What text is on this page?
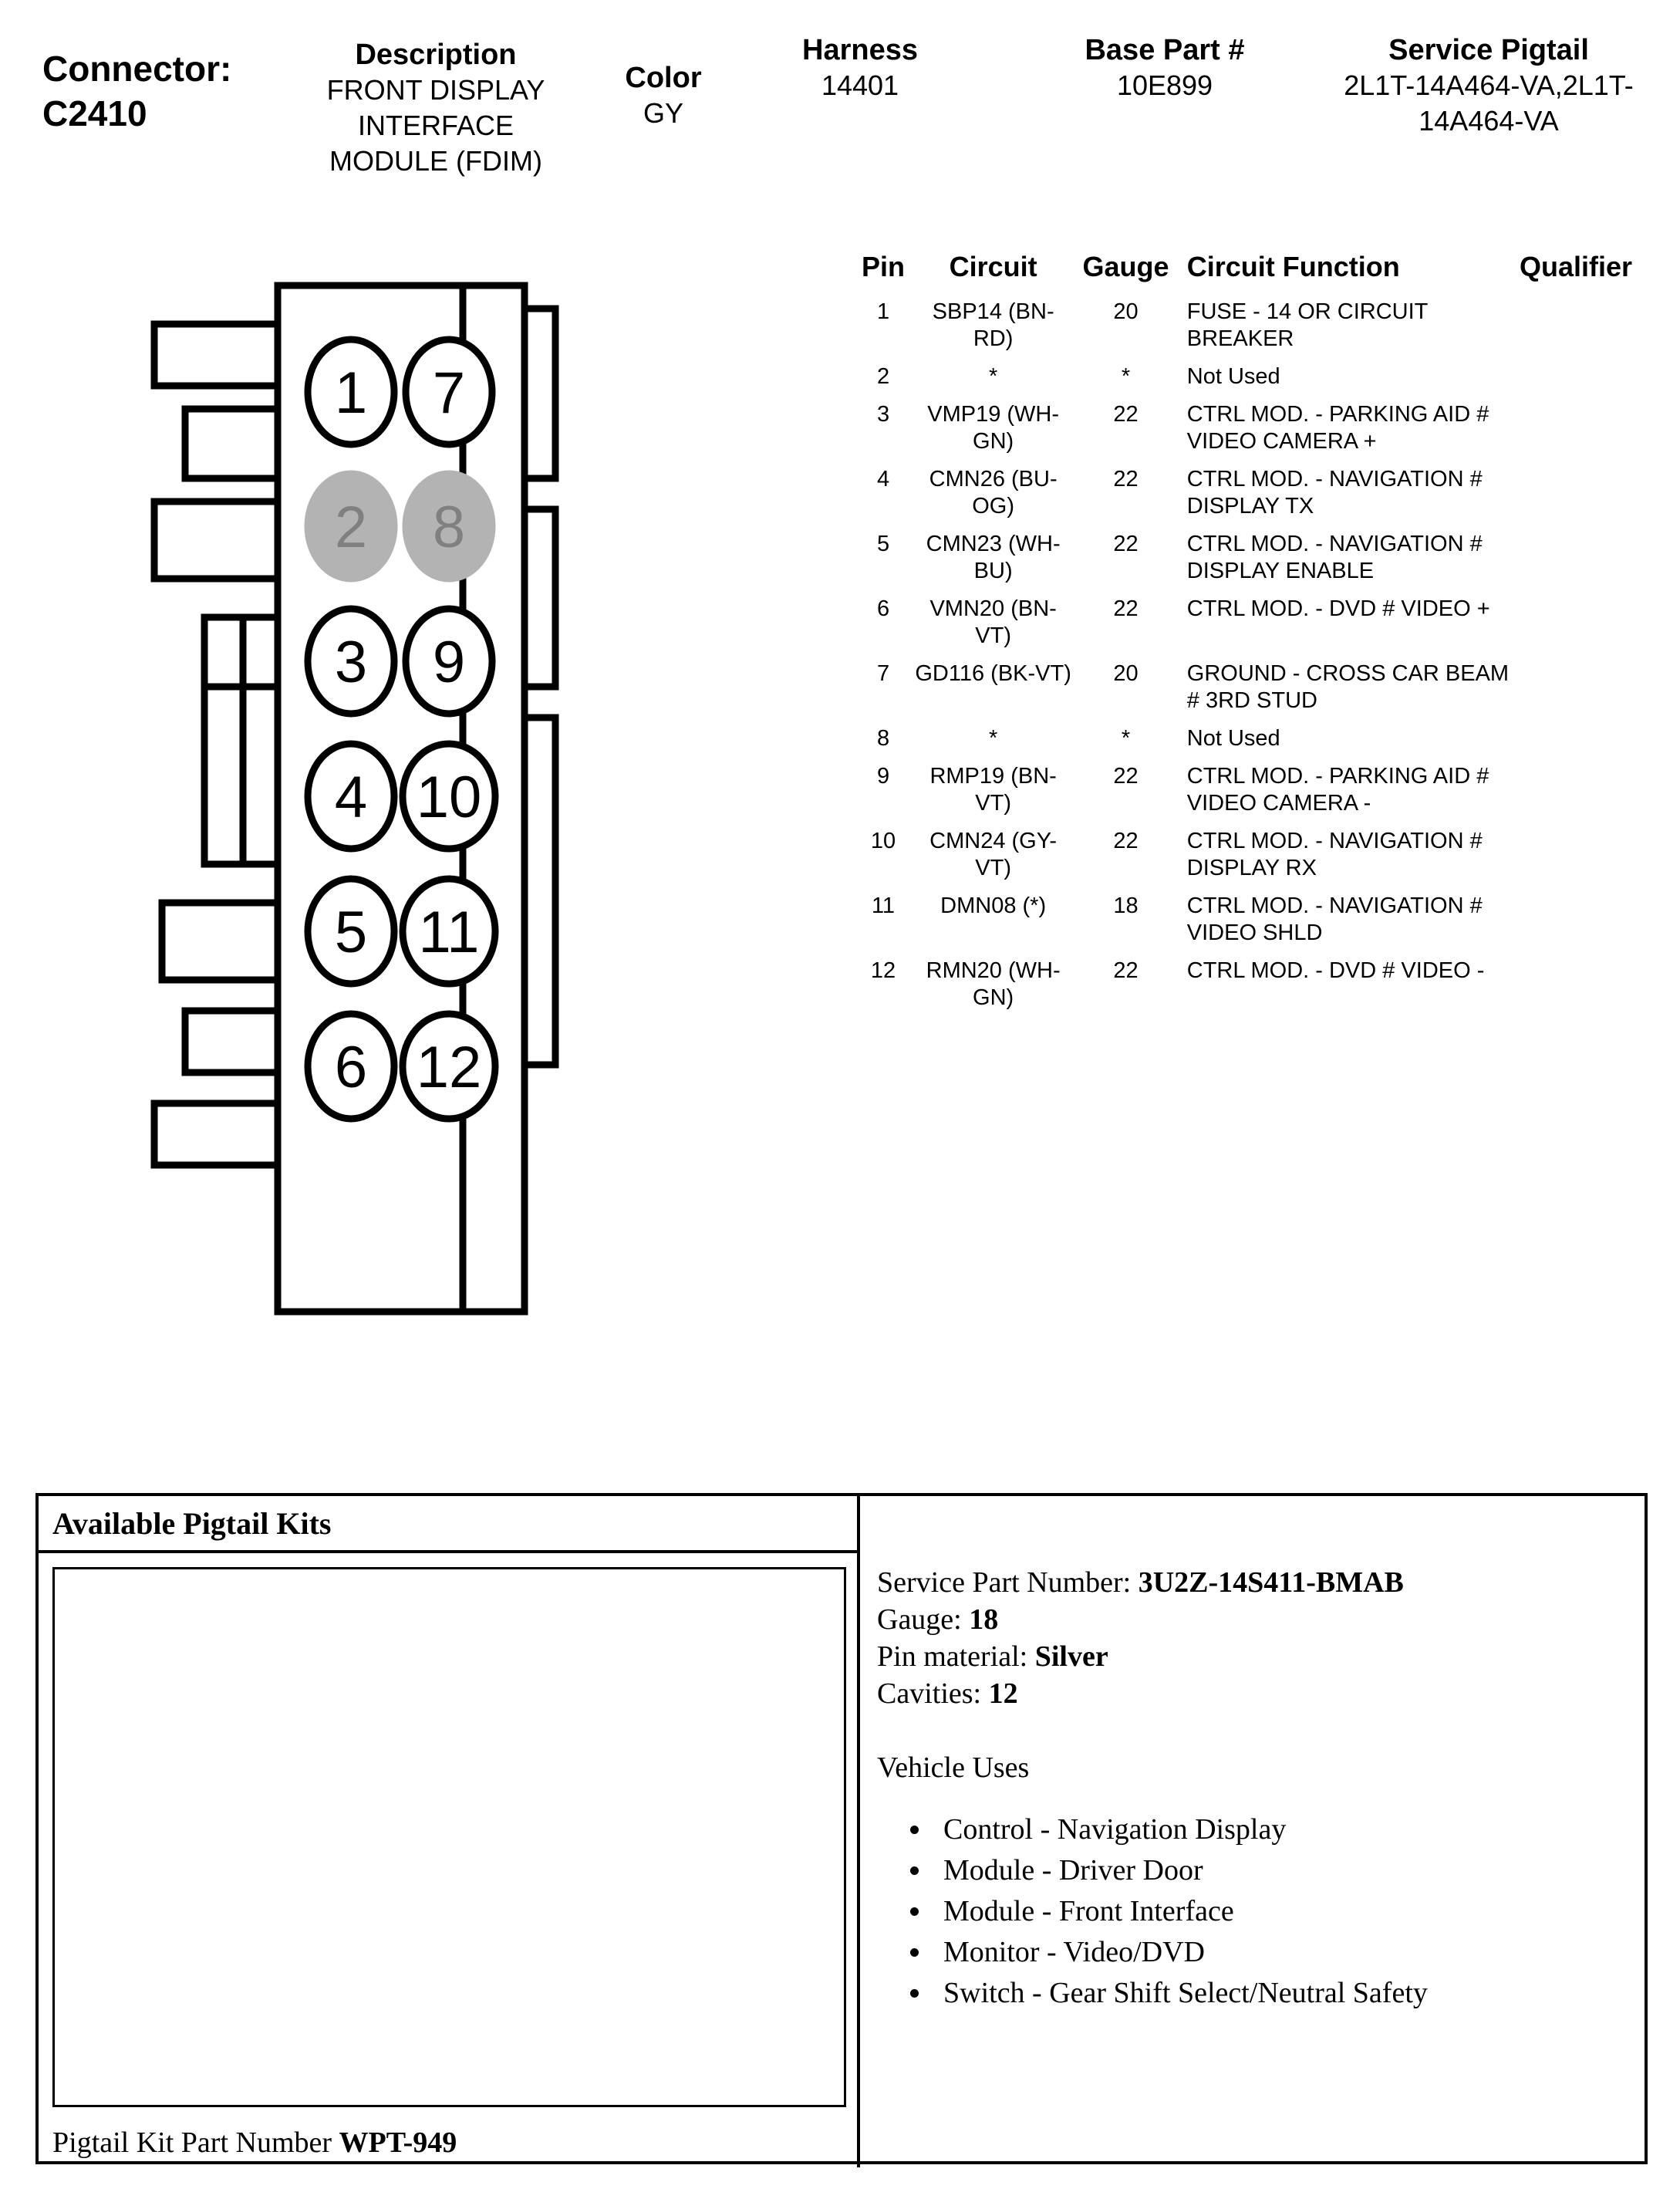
Connector:
C2410
Description
FRONT DISPLAY INTERFACE MODULE (FDIM)
Color
GY
Harness
14401
Base Part #
10E899
Service Pigtail
2L1T-14A464-VA,2L1T-14A464-VA
1 7
2 8
3 9
4 10
5 11
6 12
Pin	Circuit	Gauge	Circuit Function	Qualifier
1	SBP14 (BN-RD)	20	FUSE - 14 OR CIRCUIT BREAKER	
2	*	*	Not Used	
3	VMP19 (WH-GN)	22	CTRL MOD. - PARKING AID # VIDEO CAMERA +	
4	CMN26 (BU-OG)	22	CTRL MOD. - NAVIGATION # DISPLAY TX	
5	CMN23 (WH-BU)	22	CTRL MOD. - NAVIGATION # DISPLAY ENABLE	
6	VMN20 (BN-VT)	22	CTRL MOD. - DVD # VIDEO +	
7	GD116 (BK-VT)	20	GROUND - CROSS CAR BEAM # 3RD STUD	
8	*	*	Not Used	
9	RMP19 (BN-VT)	22	CTRL MOD. - PARKING AID # VIDEO CAMERA -	
10	CMN24 (GY-VT)	22	CTRL MOD. - NAVIGATION # DISPLAY RX	
11	DMN08 (*)	18	CTRL MOD. - NAVIGATION # VIDEO SHLD	
12	RMN20 (WH-GN)	22	CTRL MOD. - DVD # VIDEO -	
Available Pigtail Kits
Pigtail Kit Part Number WPT-949
Service Part Number: 3U2Z-14S411-BMAB
Gauge: 18
Pin material: Silver
Cavities: 12
Vehicle Uses
• Control - Navigation Display
• Module - Driver Door
• Module - Front Interface
• Monitor - Video/DVD
• Switch - Gear Shift Select/Neutral Safety
